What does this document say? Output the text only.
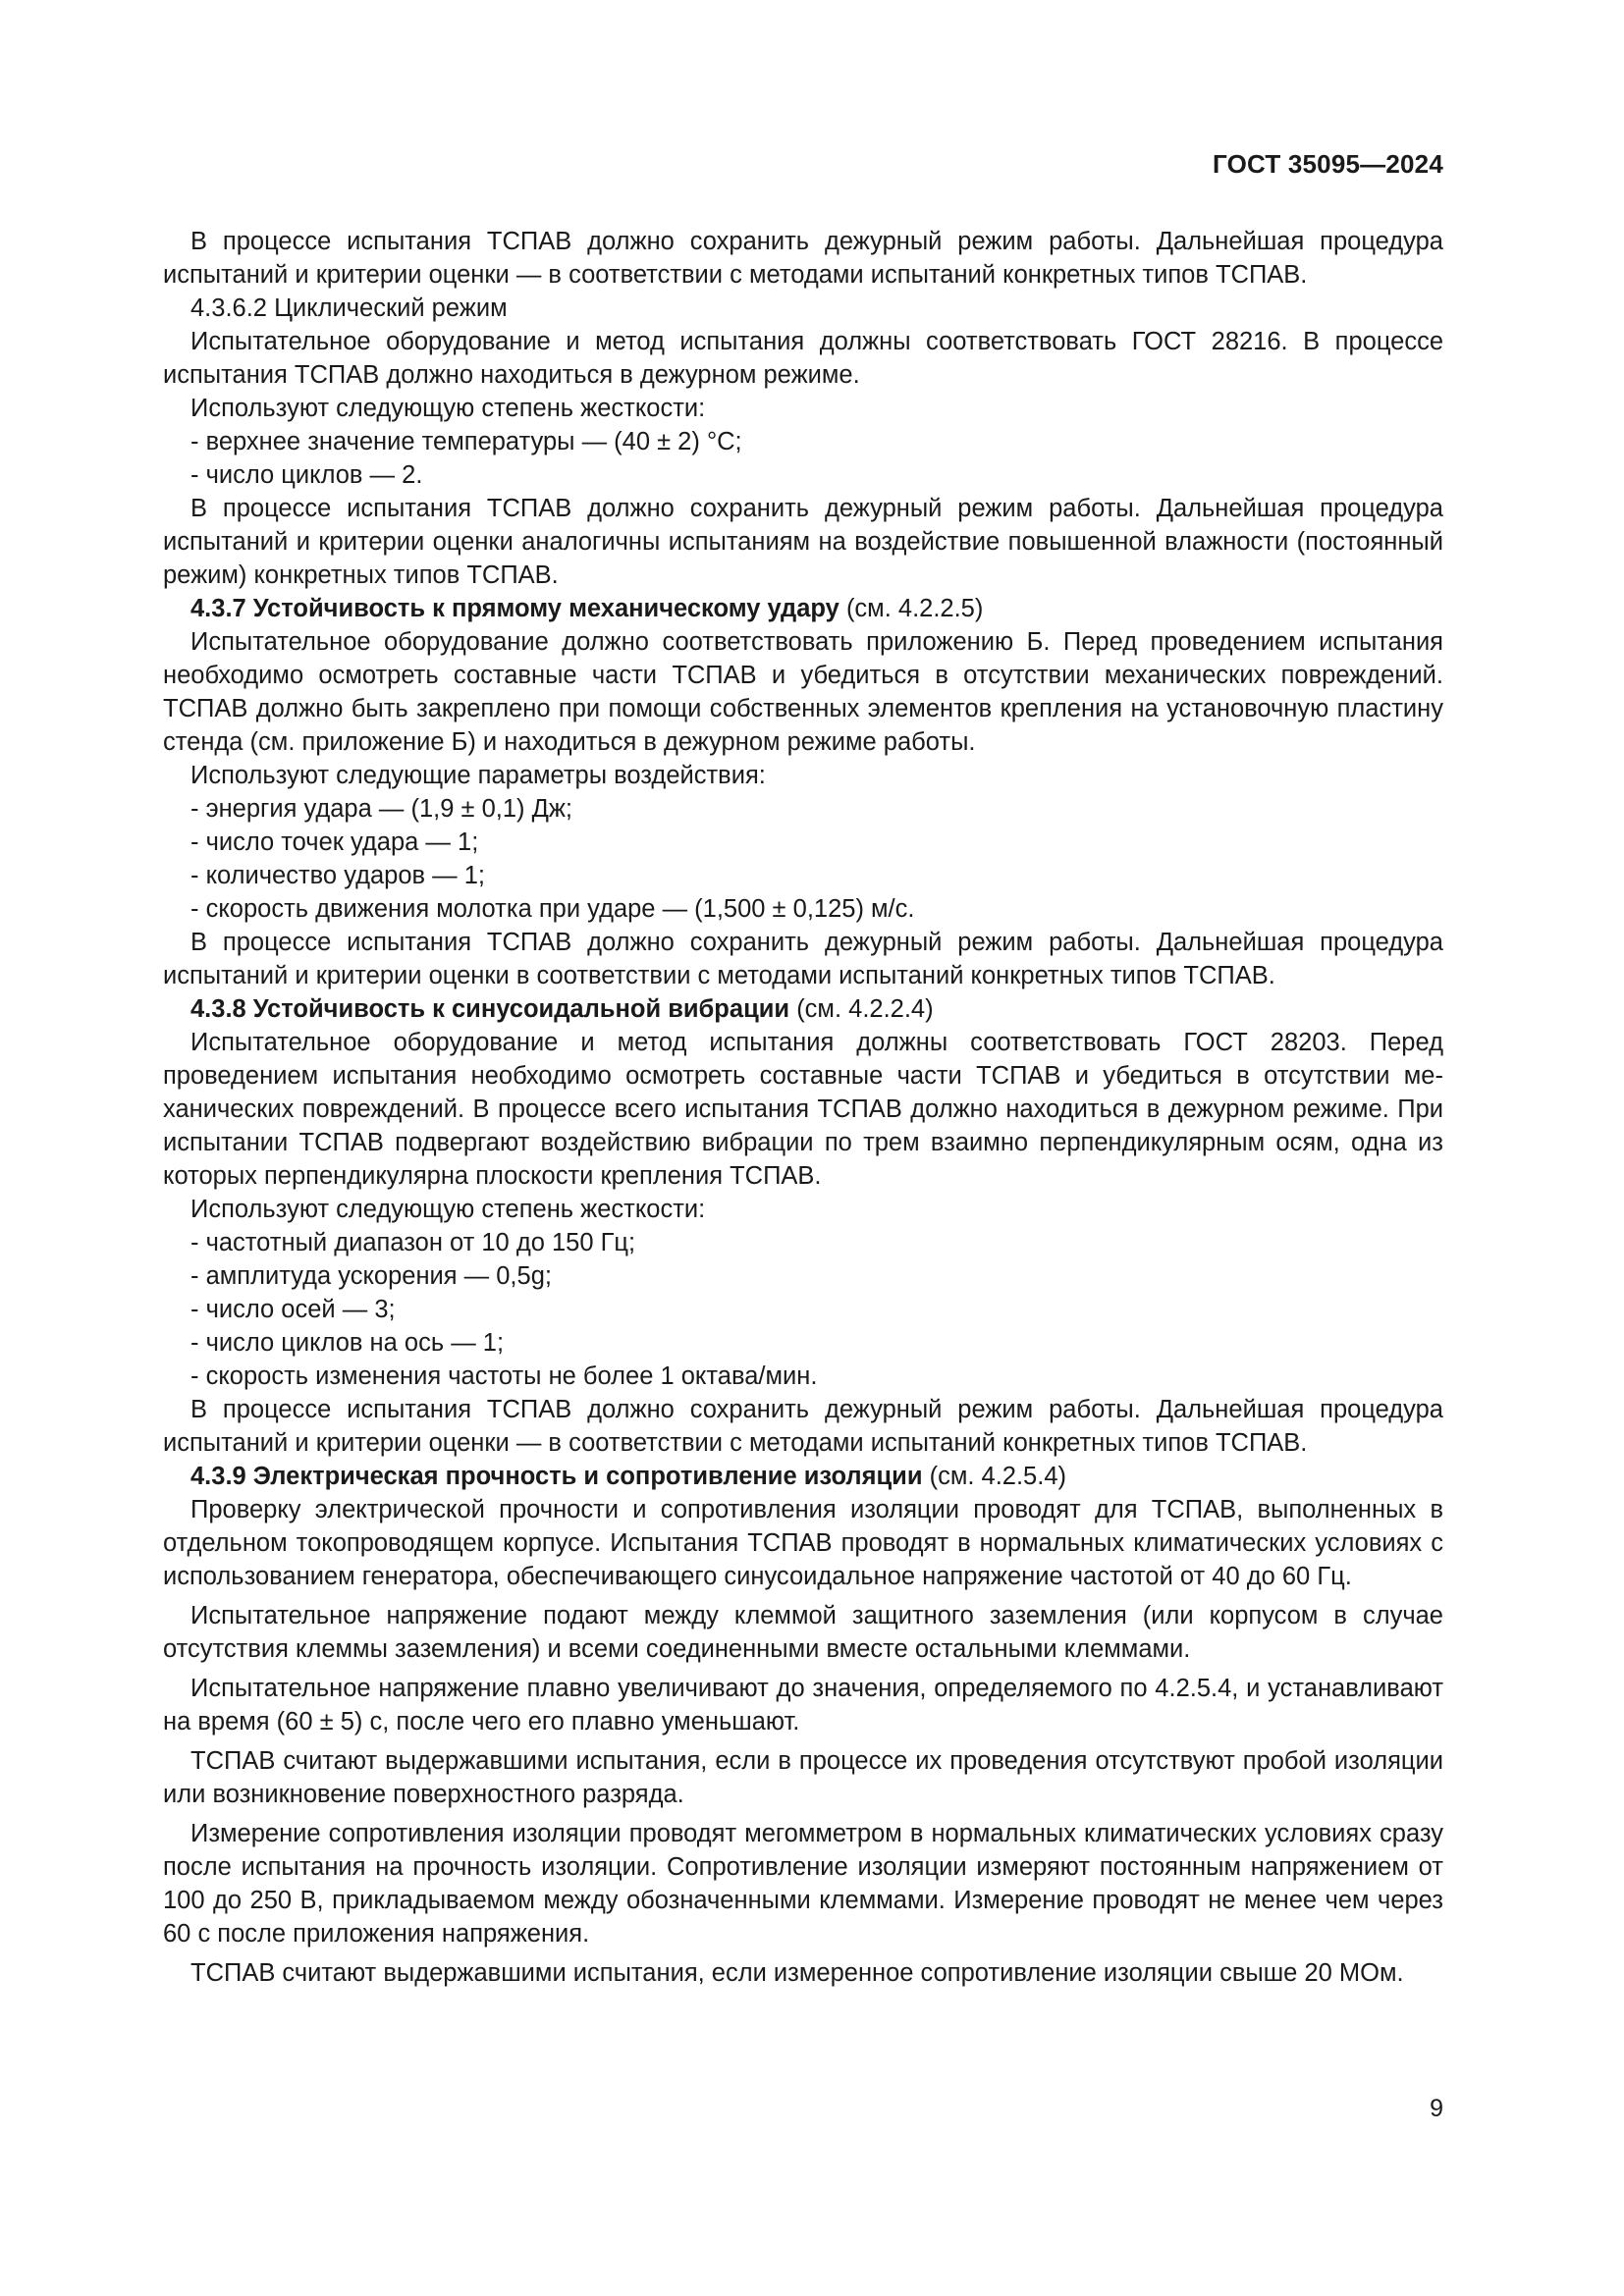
ГОСТ 35095—2024

В процессе испытания ТСПАВ должно сохранить дежурный режим работы. Дальнейшая процедура испытаний и критерии оценки — в соответствии с методами испытаний конкретных типов ТСПАВ.

4.3.6.2 Циклический режим

Испытательное оборудование и метод испытания должны соответствовать ГОСТ 28216. В процессе испытания ТСПАВ должно находиться в дежурном режиме.

Используют следующую степень жесткости:

- верхнее значение температуры — (40 ± 2) °С;

- число циклов — 2.

В процессе испытания ТСПАВ должно сохранить дежурный режим работы. Дальнейшая процедура испытаний и критерии оценки аналогичны испытаниям на воздействие повышенной влажности (постоянный режим) конкретных типов ТСПАВ.

4.3.7 Устойчивость к прямому механическому удару (см. 4.2.2.5)

Испытательное оборудование должно соответствовать приложению Б. Перед проведением испытания необходимо осмотреть составные части ТСПАВ и убедиться в отсутствии механических повреждений. ТСПАВ должно быть закреплено при помощи собственных элементов крепления на установочную пластину стенда (см. приложение Б) и находиться в дежурном режиме работы.

Используют следующие параметры воздействия:

- энергия удара — (1,9 ± 0,1) Дж;

- число точек удара — 1;

- количество ударов — 1;

- скорость движения молотка при ударе — (1,500 ± 0,125) м/с.

В процессе испытания ТСПАВ должно сохранить дежурный режим работы. Дальнейшая процедура испытаний и критерии оценки в соответствии с методами испытаний конкретных типов ТСПАВ.

4.3.8 Устойчивость к синусоидальной вибрации (см. 4.2.2.4)

Испытательное оборудование и метод испытания должны соответствовать ГОСТ 28203. Перед проведением испытания необходимо осмотреть составные части ТСПАВ и убедиться в отсутствии механических повреждений. В процессе всего испытания ТСПАВ должно находиться в дежурном режиме. При испытании ТСПАВ подвергают воздействию вибрации по трем взаимно перпендикулярным осям, одна из которых перпендикулярна плоскости крепления ТСПАВ.

Используют следующую степень жесткости:

- частотный диапазон от 10 до 150 Гц;

- амплитуда ускорения — 0,5g;

- число осей — 3;

- число циклов на ось — 1;

- скорость изменения частоты не более 1 октава/мин.

В процессе испытания ТСПАВ должно сохранить дежурный режим работы. Дальнейшая процедура испытаний и критерии оценки — в соответствии с методами испытаний конкретных типов ТСПАВ.

4.3.9 Электрическая прочность и сопротивление изоляции (см. 4.2.5.4)

Проверку электрической прочности и сопротивления изоляции проводят для ТСПАВ, выполненных в отдельном токопроводящем корпусе. Испытания ТСПАВ проводят в нормальных климатических условиях с использованием генератора, обеспечивающего синусоидальное напряжение частотой от 40 до 60 Гц.

Испытательное напряжение подают между клеммой защитного заземления (или корпусом в случае отсутствия клеммы заземления) и всеми соединенными вместе остальными клеммами.

Испытательное напряжение плавно увеличивают до значения, определяемого по 4.2.5.4, и устанавливают на время (60 ± 5) с, после чего его плавно уменьшают.

ТСПАВ считают выдержавшими испытания, если в процессе их проведения отсутствуют пробой изоляции или возникновение поверхностного разряда.

Измерение сопротивления изоляции проводят мегомметром в нормальных климатических условиях сразу после испытания на прочность изоляции. Сопротивление изоляции измеряют постоянным напряжением от 100 до 250 В, прикладываемом между обозначенными клеммами. Измерение проводят не менее чем через 60 с после приложения напряжения.

ТСПАВ считают выдержавшими испытания, если измеренное сопротивление изоляции свыше 20 МОм.

9
